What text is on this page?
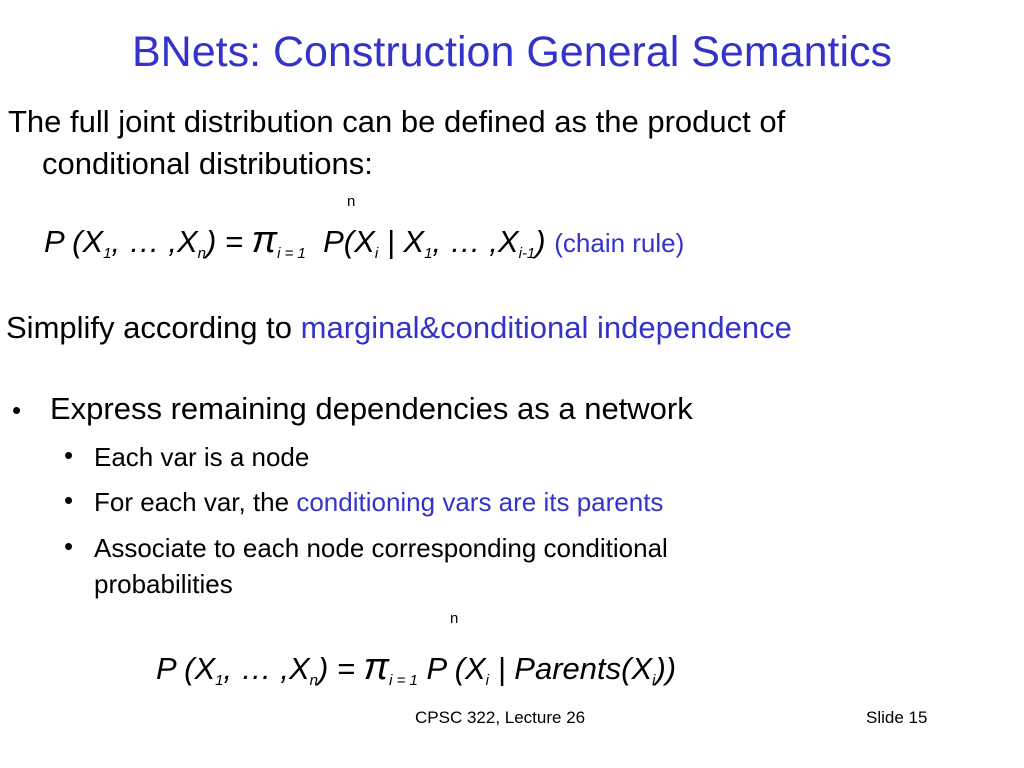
BNets: Construction General Semantics
The full joint distribution can be defined as the product of
conditional distributions:
n
P ($X_1$, … $,X_n) = \pi_{i = 1}$ $P(X_i$ | $X_1$, … $,X_{i-1}$) (chain rule)
Simplify according to marginal&conditional independence
• Express remaining dependencies as a network
• Each var is a node
• For each var, the conditioning vars are its parents
• Associate to each node corresponding conditional
probabilities
n
P ($X_1$, … $,X_n) = \pi_{i = 1}$ P ($X_i$ | $Parents(X_i)$)
CPSC 322, Lecture 26	Slide 15
